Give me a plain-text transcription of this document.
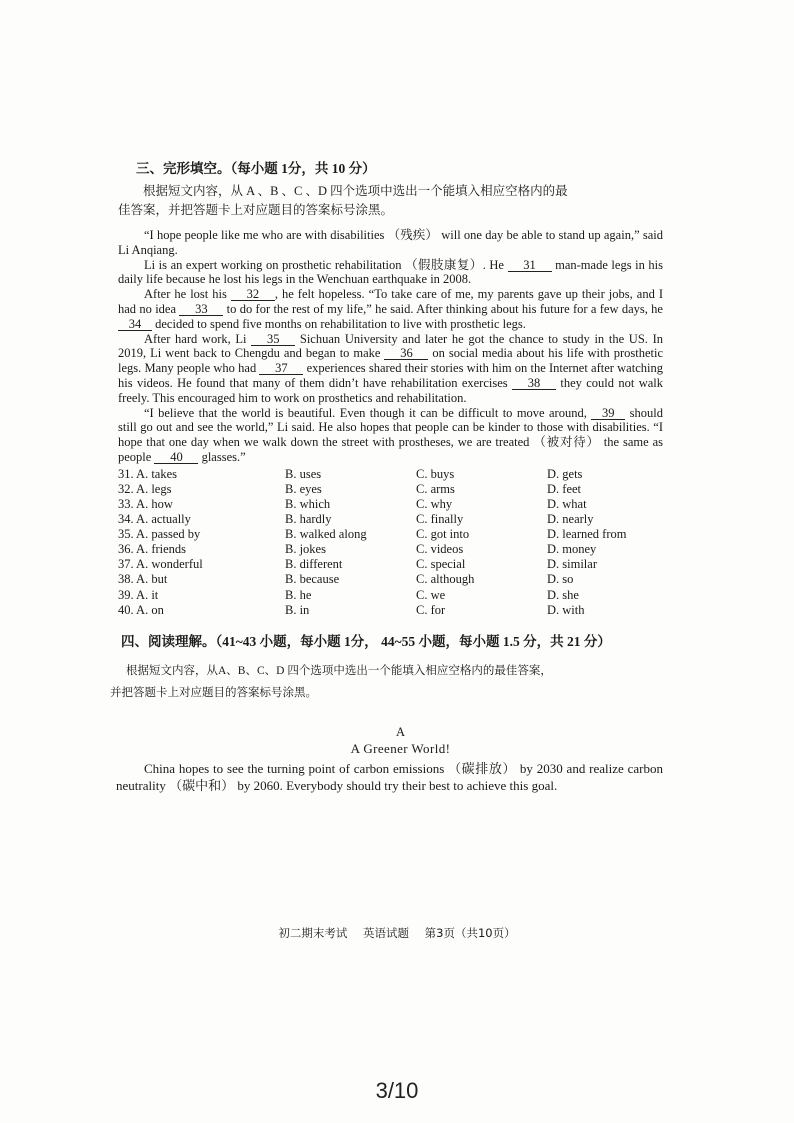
三、完形填空。（每小题 1分，共 10 分）

根据短文内容，从 A 、B 、C 、D 四个选项中选出一个能填入相应空格内的最

佳答案，并把答题卡上对应题目的答案标号涂黑。

“I hope people like me who are with disabilities （残疾） will one day be able to stand up again,” said Li Anqiang.

Li is an expert working on prosthetic rehabilitation （假肢康复）. He 31 man-made legs in his daily life because he lost his legs in the Wenchuan earthquake in 2008.

After he lost his 32 , he felt hopeless. “To take care of me, my parents gave up their jobs, and I had no idea 33 to do for the rest of my life,” he said. After thinking about his future for a few days, he 34 decided to spend five months on rehabilitation to live with prosthetic legs.

After hard work, Li 35 Sichuan University and later he got the chance to study in the US. In 2019, Li went back to Chengdu and began to make 36 on social media about his life with prosthetic legs. Many people who had 37 experiences shared their stories with him on the Internet after watching his videos. He found that many of them didn’t have rehabilitation exercises 38 they could not walk freely. This encouraged him to work on prosthetics and rehabilitation.

“I believe that the world is beautiful. Even though it can be difficult to move around, 39 should still go out and see the world,” Li said. He also hopes that people can be kinder to those with disabilities. “I hope that one day when we walk down the street with prostheses, we are treated （被对待） the same as people 40 glasses.”

31. A. takes	B. uses	C. buys	D. gets
32. A. legs	B. eyes	C. arms	D. feet
33. A. how	B. which	C. why	D. what
34. A. actually	B. hardly	C. finally	D. nearly
35. A. passed by	B. walked along	C. got into	D. learned from
36. A. friends	B. jokes	C. videos	D. money
37. A. wonderful	B. different	C. special	D. similar
38. A. but	B. because	C. although	D. so
39. A. it	B. he	C. we	D. she
40. A. on	B. in	C. for	D. with
四、阅读理解。（41~43 小题，每小题 1分， 44~55 小题，每小题 1.5 分，共 21 分）

根据短文内容，从A、B、C、D 四个选项中选出一个能填入相应空格内的最佳答案，

并把答题卡上对应题目的答案标号涂黑。

A
A Greener World!

China hopes to see the turning point of carbon emissions （碳排放） by 2030 and realize carbon neutrality （碳中和） by 2060. Everybody should try their best to achieve this goal.

初二期末考试 英语试题 第3页（共10页）
3/10
